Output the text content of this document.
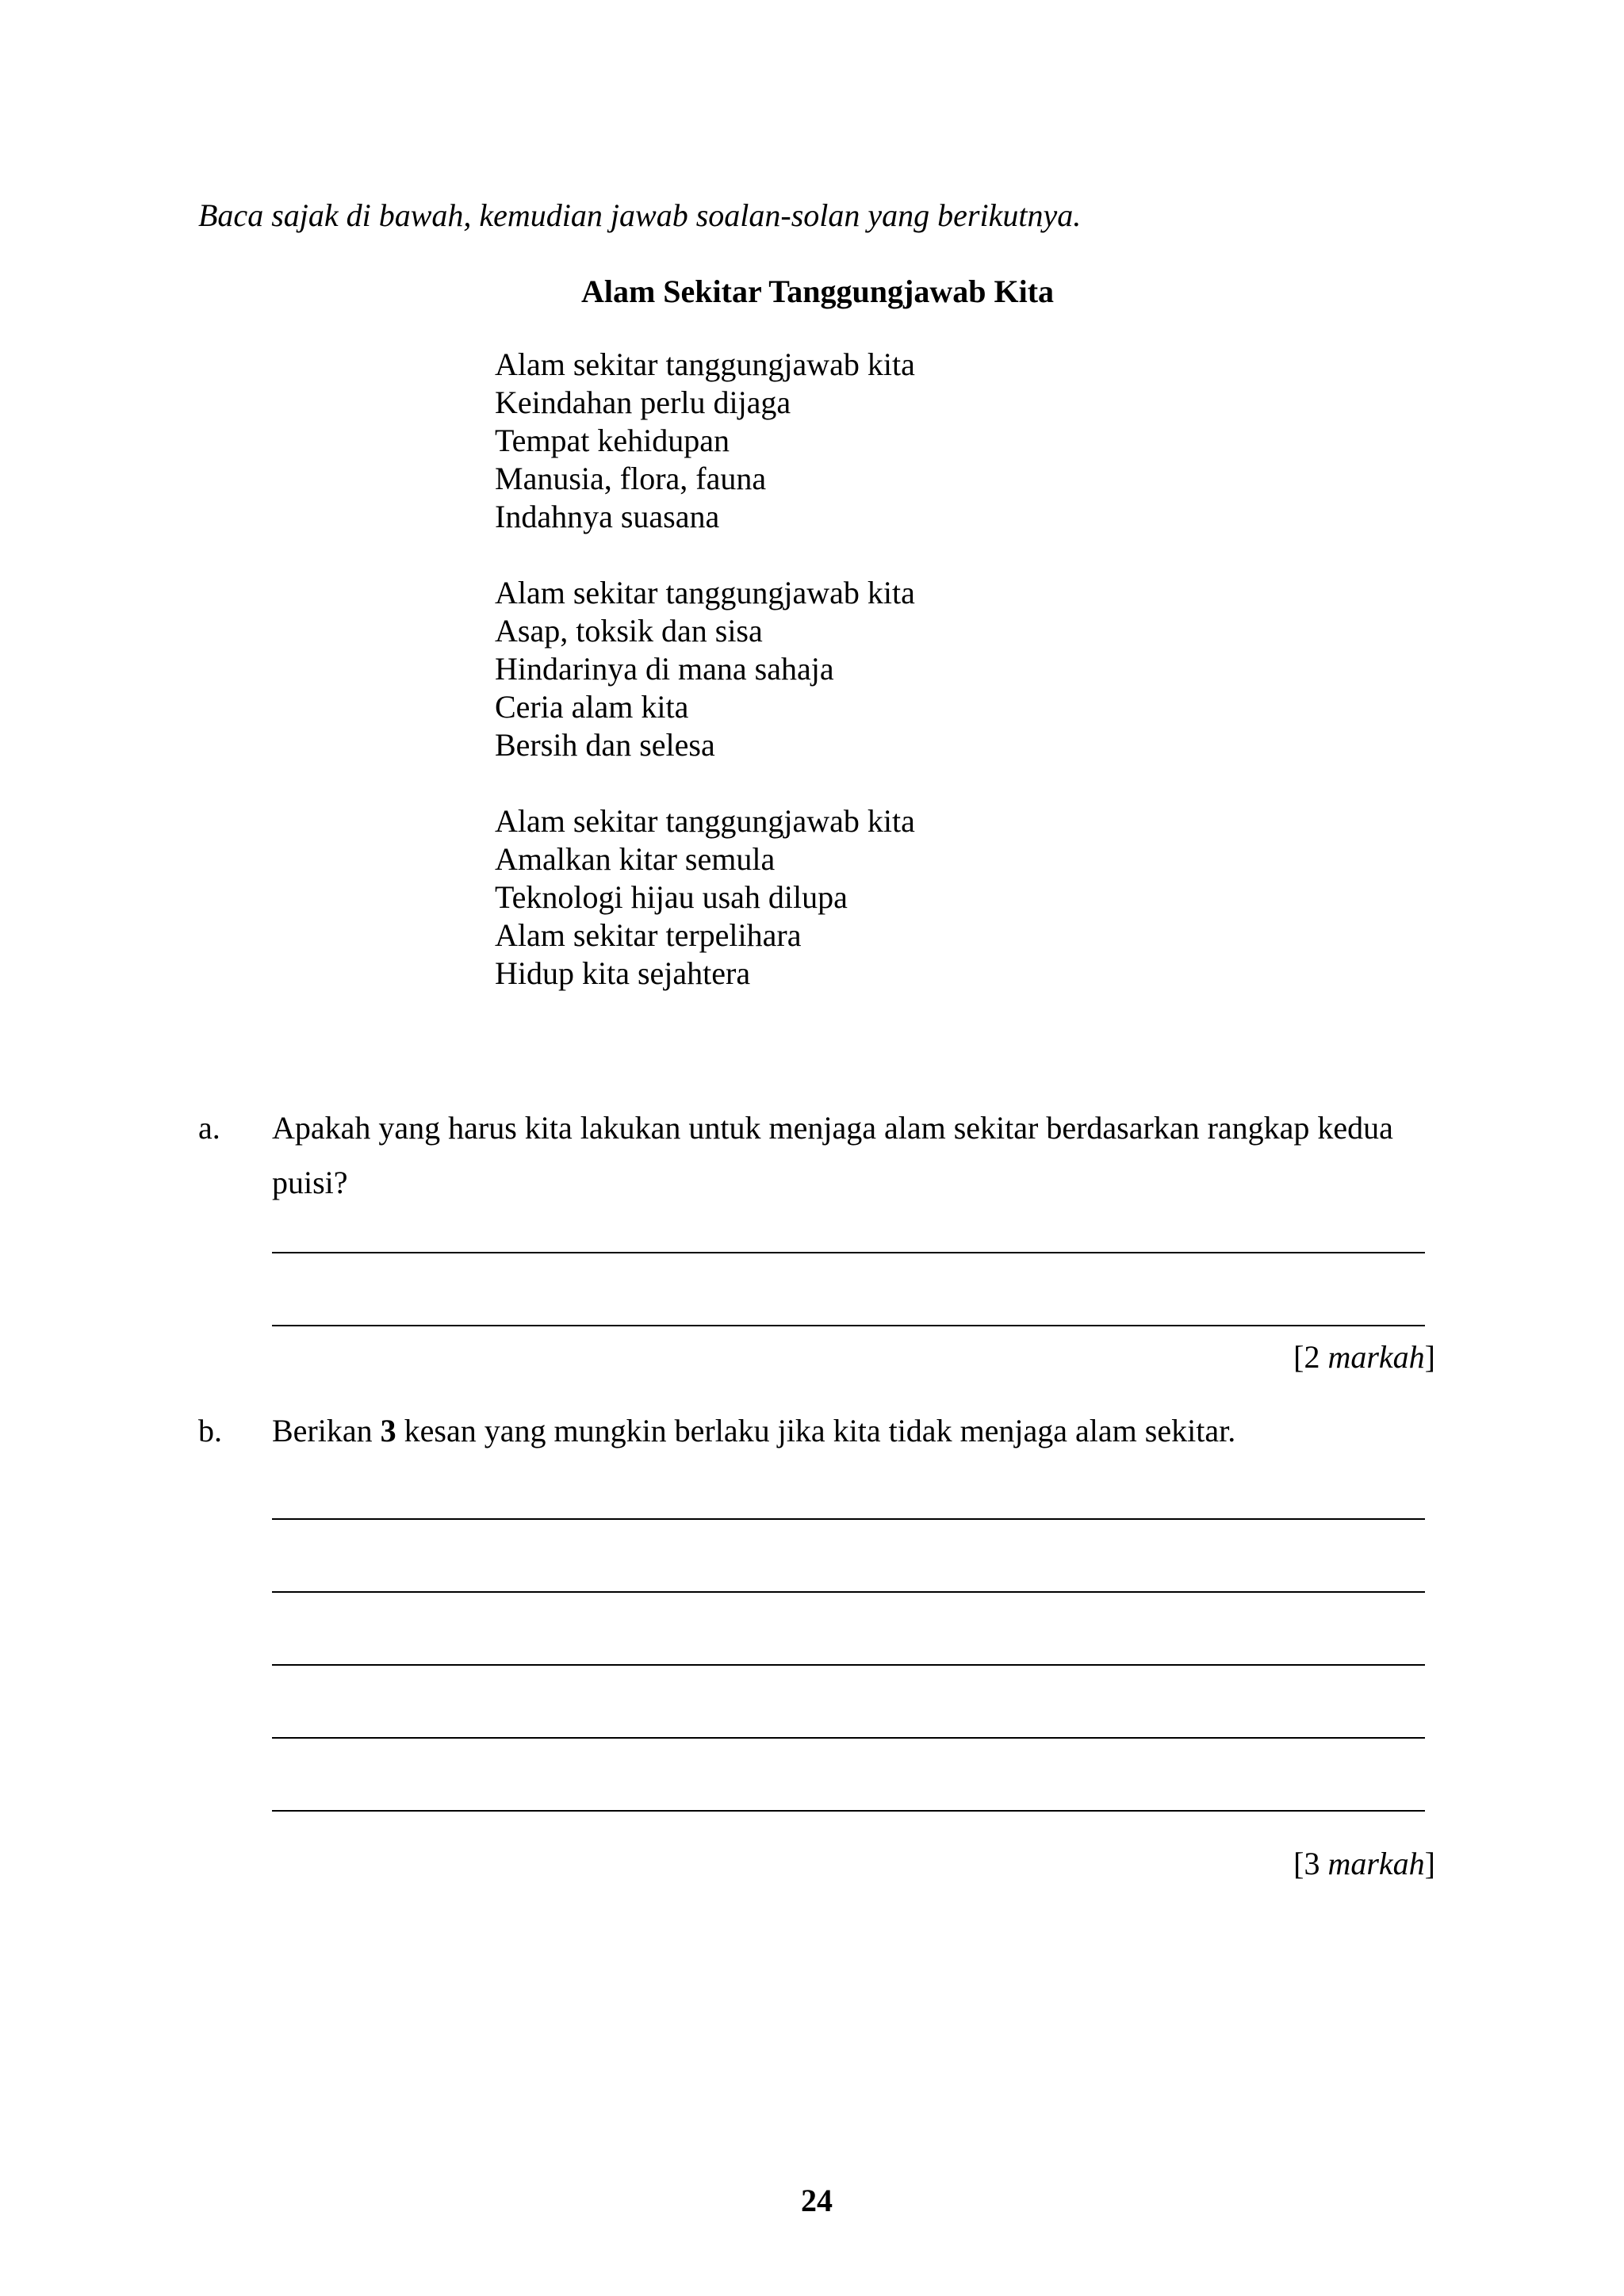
Baca sajak di bawah, kemudian jawab soalan-solan yang berikutnya.
Alam Sekitar Tanggungjawab Kita
Alam sekitar tanggungjawab kita
Keindahan perlu dijaga
Tempat kehidupan
Manusia, flora, fauna
Indahnya suasana
Alam sekitar tanggungjawab kita
Asap, toksik dan sisa
Hindarinya di mana sahaja
Ceria alam kita
Bersih dan selesa
Alam sekitar tanggungjawab kita
Amalkan kitar semula
Teknologi hijau usah dilupa
Alam sekitar terpelihara
Hidup kita sejahtera
a. Apakah yang harus kita lakukan untuk menjaga alam sekitar berdasarkan rangkap kedua puisi?
[2 markah]
b. Berikan 3 kesan yang mungkin berlaku jika kita tidak menjaga alam sekitar.
[3 markah]
24
